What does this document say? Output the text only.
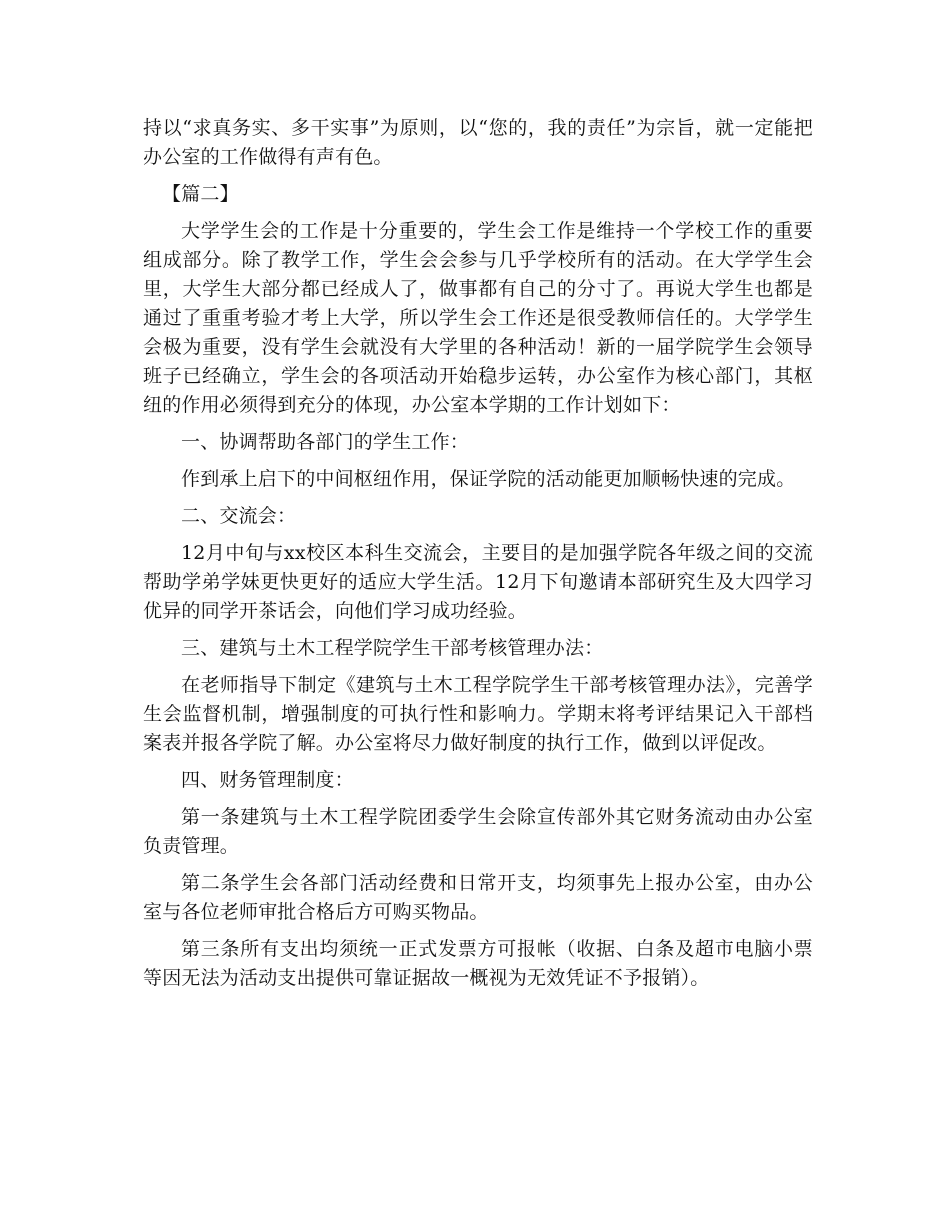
持以“求真务实、多干实事”为原则，以“您的，我的责任”为宗旨，就一定能把办公室的工作做得有声有色。

【篇二】

大学学生会的工作是十分重要的，学生会工作是维持一个学校工作的重要组成部分。除了教学工作，学生会会参与几乎学校所有的活动。在大学学生会里，大学生大部分都已经成人了，做事都有自己的分寸了。再说大学生也都是通过了重重考验才考上大学，所以学生会工作还是很受教师信任的。大学学生会极为重要，没有学生会就没有大学里的各种活动！新的一届学院学生会领导班子已经确立，学生会的各项活动开始稳步运转，办公室作为核心部门，其枢纽的作用必须得到充分的体现，办公室本学期的工作计划如下：

一、协调帮助各部门的学生工作：

作到承上启下的中间枢纽作用，保证学院的活动能更加顺畅快速的完成。

二、交流会：

12月中旬与xx校区本科生交流会，主要目的是加强学院各年级之间的交流帮助学弟学妹更快更好的适应大学生活。12月下旬邀请本部研究生及大四学习优异的同学开茶话会，向他们学习成功经验。

三、建筑与土木工程学院学生干部考核管理办法：

在老师指导下制定《建筑与土木工程学院学生干部考核管理办法》，完善学生会监督机制，增强制度的可执行性和影响力。学期末将考评结果记入干部档案表并报各学院了解。办公室将尽力做好制度的执行工作，做到以评促改。

四、财务管理制度：

第一条建筑与土木工程学院团委学生会除宣传部外其它财务流动由办公室负责管理。

第二条学生会各部门活动经费和日常开支，均须事先上报办公室，由办公室与各位老师审批合格后方可购买物品。

第三条所有支出均须统一正式发票方可报帐（收据、白条及超市电脑小票等因无法为活动支出提供可靠证据故一概视为无效凭证不予报销）。
